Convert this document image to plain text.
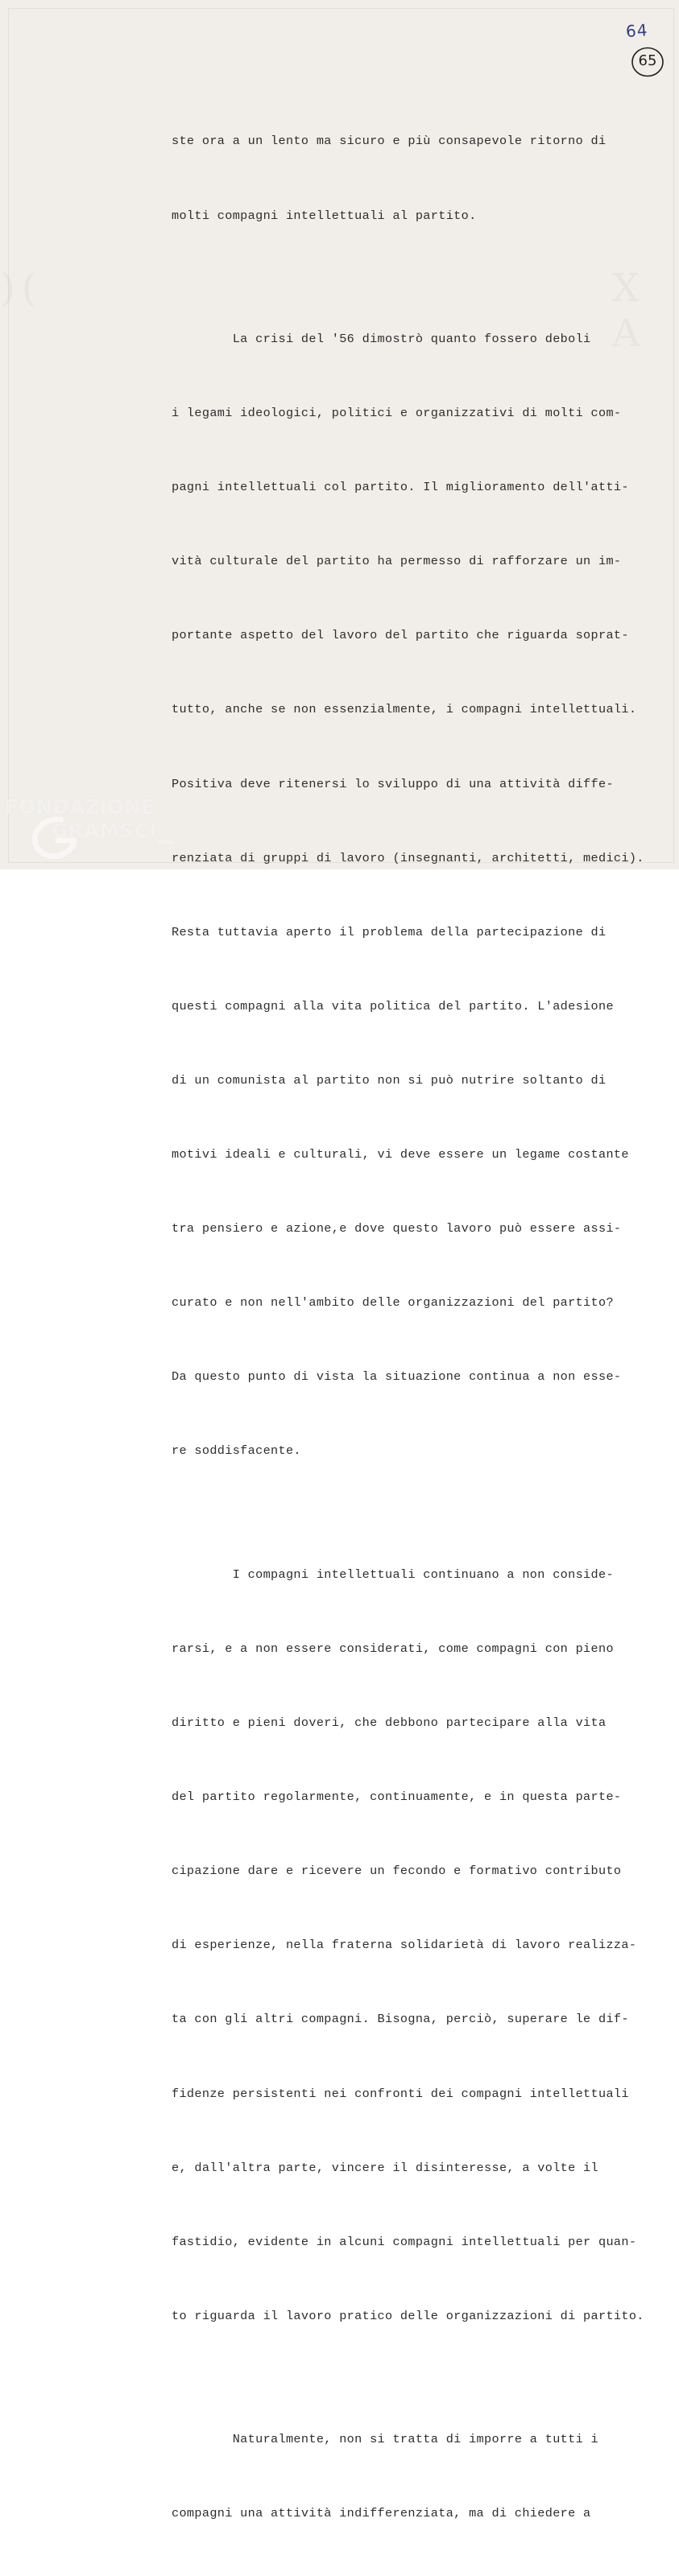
64
65

ste ora a un lento ma sicuro e più consapevole ritorno di

molti compagni intellettuali al partito.

La crisi del '56 dimostrò quanto fossero deboli

i legami ideologici, politici e organizzativi di molti com-

pagni intellettuali col partito. Il miglioramento dell'atti-

vità culturale del partito ha permesso di rafforzare un im-

portante aspetto del lavoro del partito che riguarda soprat-

tutto, anche se non essenzialmente, i compagni intellettuali.

Positiva deve ritenersi lo sviluppo di una attività diffe-

renziata di gruppi di lavoro (insegnanti, architetti, medici).

Resta tuttavia aperto il problema della partecipazione di

questi compagni alla vita politica del partito. L'adesione

di un comunista al partito non si può nutrire soltanto di

motivi ideali e culturali, vi deve essere un legame costante

tra pensiero e azione,e dove questo lavoro può essere assi-

curato e non nell'ambito delle organizzazioni del partito?

Da questo punto di vista la situazione continua a non esse-

re soddisfacente.

I compagni intellettuali continuano a non conside-

rarsi, e a non essere considerati, come compagni con pieno

diritto e pieni doveri, che debbono partecipare alla vita

del partito regolarmente, continuamente, e in questa parte-

cipazione dare e ricevere un fecondo e formativo contributo

di esperienze, nella fraterna solidarietà di lavoro realizza-

ta con gli altri compagni. Bisogna, perciò, superare le dif-

fidenze persistenti nei confronti dei compagni intellettuali

e, dall'altra parte, vincere il disinteresse, a volte il

fastidio, evidente in alcuni compagni intellettuali per quan-

to riguarda il lavoro pratico delle organizzazioni di partito.

Naturalmente, non si tratta di imporre a tutti i

compagni una attività indifferenziata, ma di chiedere a

FONDAZIONE
GRAMSCI onlus
